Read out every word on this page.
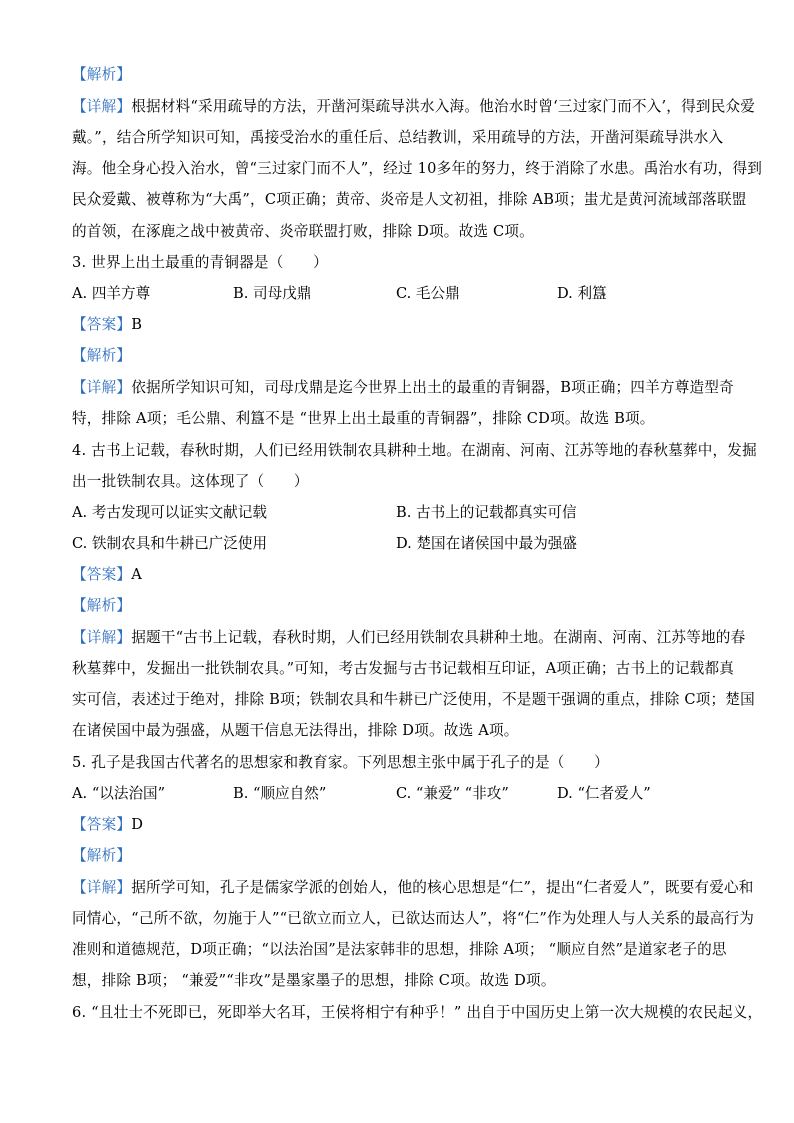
【解析】
【详解】根据材料“采用疏导的方法，开凿河渠疏导洪水入海。他治水时曾‘三过家门而不入’，得到民众爱
戴。”，结合所学知识可知，禹接受治水的重任后、总结教训，采用疏导的方法，开凿河渠疏导洪水入
海。他全身心投入治水，曾“三过家门而不人”，经过 10多年的努力，终于消除了水患。禹治水有功，得到
民众爱戴、被尊称为“大禹”，C项正确；黄帝、炎帝是人文初祖，排除 AB项；蚩尤是黄河流域部落联盟
的首领，在涿鹿之战中被黄帝、炎帝联盟打败，排除 D项。故选 C项。
3. 世界上出土最重的青铜器是（　　）
A. 四羊方尊	B. 司母戊鼎	C. 毛公鼎	D. 利簋
【答案】B
【解析】
【详解】依据所学知识可知，司母戊鼎是迄今世界上出土的最重的青铜器，B项正确；四羊方尊造型奇
特，排除 A项；毛公鼎、利簋不是 “世界上出土最重的青铜器”，排除 CD项。故选 B项。
4. 古书上记载，春秋时期，人们已经用铁制农具耕种土地。在湖南、河南、江苏等地的春秋墓葬中，发掘
出一批铁制农具。这体现了（　　）
A. 考古发现可以证实文献记载	B. 古书上的记载都真实可信
C. 铁制农具和牛耕已广泛使用	D. 楚国在诸侯国中最为强盛
【答案】A
【解析】
【详解】据题干“古书上记载，春秋时期，人们已经用铁制农具耕种土地。在湖南、河南、江苏等地的春
秋墓葬中，发掘出一批铁制农具。”可知，考古发掘与古书记载相互印证，A项正确；古书上的记载都真
实可信，表述过于绝对，排除 B项；铁制农具和牛耕已广泛使用，不是题干强调的重点，排除 C项；楚国
在诸侯国中最为强盛，从题干信息无法得出，排除 D项。故选 A项。
5. 孔子是我国古代著名的思想家和教育家。下列思想主张中属于孔子的是（　　）
A. “以法治国”	B. “顺应自然”	C. “兼爱” “非攻”	D. “仁者爱人”
【答案】D
【解析】
【详解】据所学可知，孔子是儒家学派的创始人，他的核心思想是“仁”，提出“仁者爱人”，既要有爱心和
同情心，“己所不欲，勿施于人”“已欲立而立人，已欲达而达人”，将“仁”作为处理人与人关系的最高行为
准则和道德规范，D项正确；“以法治国”是法家韩非的思想，排除 A项； “顺应自然”是道家老子的思
想，排除 B项； “兼爱”“非攻”是墨家墨子的思想，排除 C项。故选 D项。
6. “且壮士不死即已，死即举大名耳，王侯将相宁有种乎！” 出自于中国历史上第一次大规模的农民起义，
